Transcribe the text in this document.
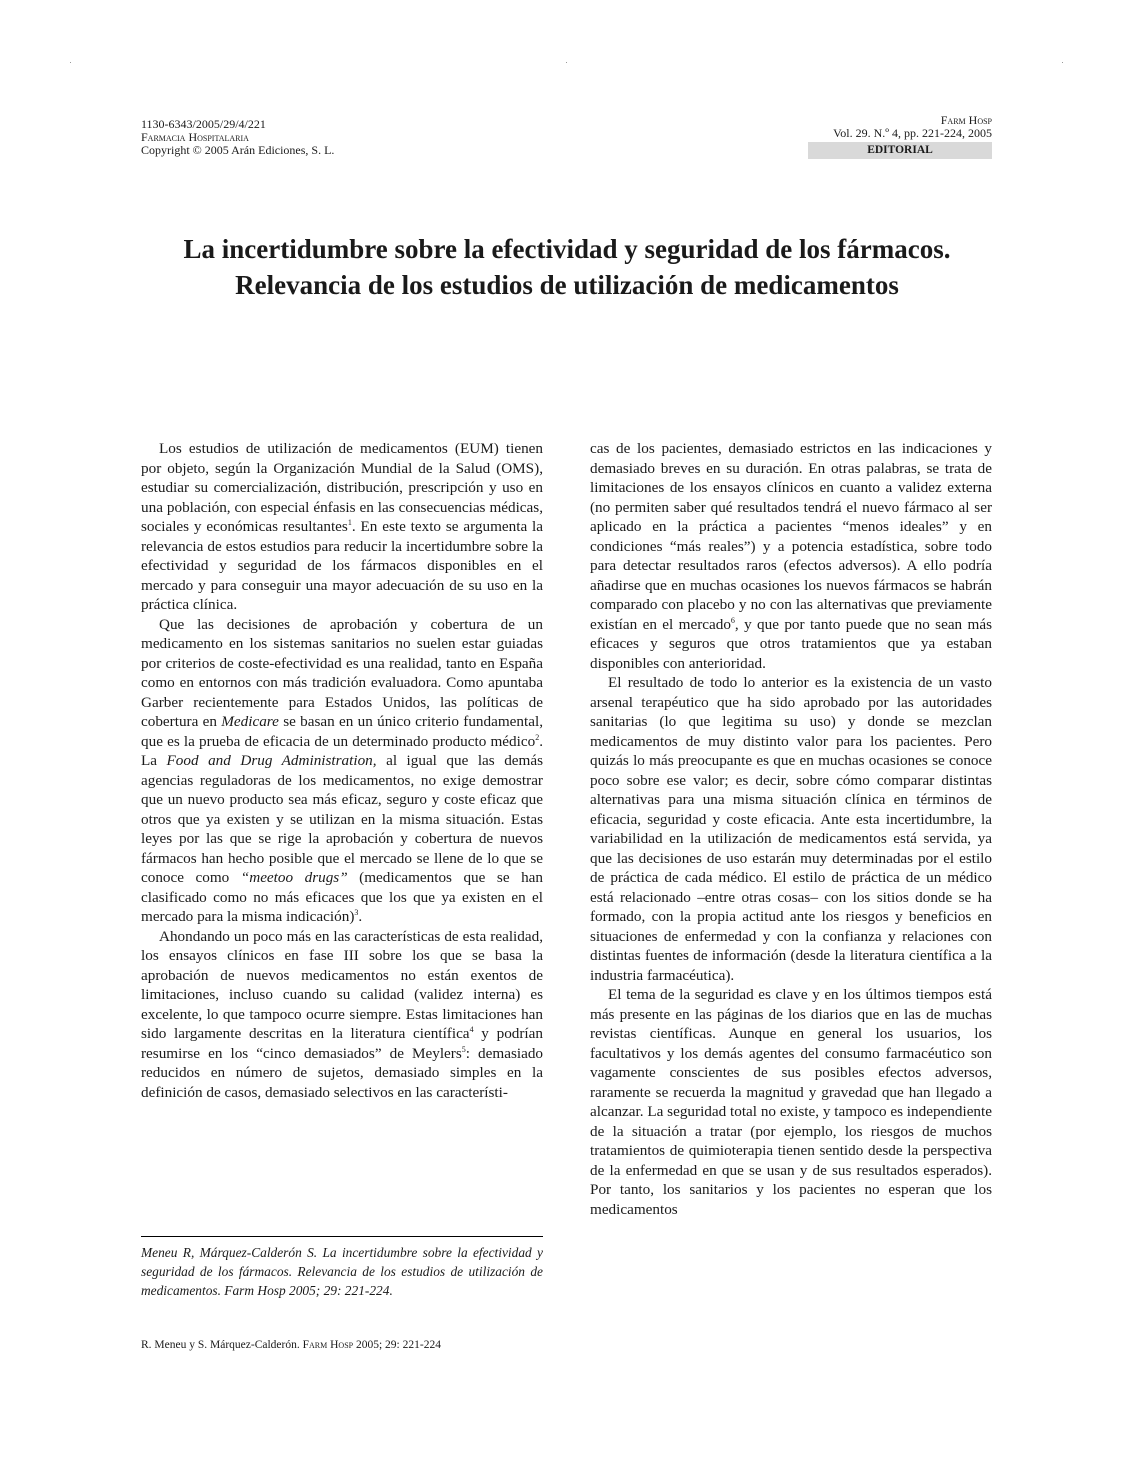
1130-6343/2005/29/4/221
Farmacia Hospitalaria
Copyright © 2005 Arán Ediciones, S. L.
Farm Hosp
Vol. 29. N.º 4, pp. 221-224, 2005
EDITORIAL
La incertidumbre sobre la efectividad y seguridad de los fármacos. Relevancia de los estudios de utilización de medicamentos

Los estudios de utilización de medicamentos (EUM) tienen por objeto, según la Organización Mundial de la Salud (OMS), estudiar su comercialización, distribución, prescripción y uso en una población, con especial énfasis en las consecuencias médicas, sociales y económicas resultantes$^1$. En este texto se argumenta la relevancia de estos estudios para reducir la incertidumbre sobre la efectividad y seguridad de los fármacos disponibles en el mercado y para conseguir una mayor adecuación de su uso en la práctica clínica.

Que las decisiones de aprobación y cobertura de un medicamento en los sistemas sanitarios no suelen estar guiadas por criterios de coste-efectividad es una realidad, tanto en España como en entornos con más tradición evaluadora. Como apuntaba Garber recientemente para Estados Unidos, las políticas de cobertura en Medicare se basan en un único criterio fundamental, que es la prueba de eficacia de un determinado producto médico$^2$. La Food and Drug Administration, al igual que las demás agencias reguladoras de los medicamentos, no exige demostrar que un nuevo producto sea más eficaz, seguro y coste eficaz que otros que ya existen y se utilizan en la misma situación. Estas leyes por las que se rige la aprobación y cobertura de nuevos fármacos han hecho posible que el mercado se llene de lo que se conoce como “meetoo drugs” (medicamentos que se han clasificado como no más eficaces que los que ya existen en el mercado para la misma indicación)$^3$.

Ahondando un poco más en las características de esta realidad, los ensayos clínicos en fase III sobre los que se basa la aprobación de nuevos medicamentos no están exentos de limitaciones, incluso cuando su calidad (validez interna) es excelente, lo que tampoco ocurre siempre. Estas limitaciones han sido largamente descritas en la literatura científica$^4$ y podrían resumirse en los “cinco demasiados” de Meylers$^5$: demasiado reducidos en número de sujetos, demasiado simples en la definición de casos, demasiado selectivos en las característi-

Meneu R, Márquez-Calderón S. La incertidumbre sobre la efectividad y seguridad de los fármacos. Relevancia de los estudios de utilización de medicamentos. Farm Hosp 2005; 29: 221-224.

cas de los pacientes, demasiado estrictos en las indicaciones y demasiado breves en su duración. En otras palabras, se trata de limitaciones de los ensayos clínicos en cuanto a validez externa (no permiten saber qué resultados tendrá el nuevo fármaco al ser aplicado en la práctica a pacientes “menos ideales” y en condiciones “más reales”) y a potencia estadística, sobre todo para detectar resultados raros (efectos adversos). A ello podría añadirse que en muchas ocasiones los nuevos fármacos se habrán comparado con placebo y no con las alternativas que previamente existían en el mercado$^6$, y que por tanto puede que no sean más eficaces y seguros que otros tratamientos que ya estaban disponibles con anterioridad.

El resultado de todo lo anterior es la existencia de un vasto arsenal terapéutico que ha sido aprobado por las autoridades sanitarias (lo que legitima su uso) y donde se mezclan medicamentos de muy distinto valor para los pacientes. Pero quizás lo más preocupante es que en muchas ocasiones se conoce poco sobre ese valor; es decir, sobre cómo comparar distintas alternativas para una misma situación clínica en términos de eficacia, seguridad y coste eficacia. Ante esta incertidumbre, la variabilidad en la utilización de medicamentos está servida, ya que las decisiones de uso estarán muy determinadas por el estilo de práctica de cada médico. El estilo de práctica de un médico está relacionado –entre otras cosas– con los sitios donde se ha formado, con la propia actitud ante los riesgos y beneficios en situaciones de enfermedad y con la confianza y relaciones con distintas fuentes de información (desde la literatura científica a la industria farmacéutica).

El tema de la seguridad es clave y en los últimos tiempos está más presente en las páginas de los diarios que en las de muchas revistas científicas. Aunque en general los usuarios, los facultativos y los demás agentes del consumo farmacéutico son vagamente conscientes de sus posibles efectos adversos, raramente se recuerda la magnitud y gravedad que han llegado a alcanzar. La seguridad total no existe, y tampoco es independiente de la situación a tratar (por ejemplo, los riesgos de muchos tratamientos de quimioterapia tienen sentido desde la perspectiva de la enfermedad en que se usan y de sus resultados esperados). Por tanto, los sanitarios y los pacientes no esperan que los medicamentos

R. Meneu y S. Márquez-Calderón. Farm Hosp 2005; 29: 221-224
